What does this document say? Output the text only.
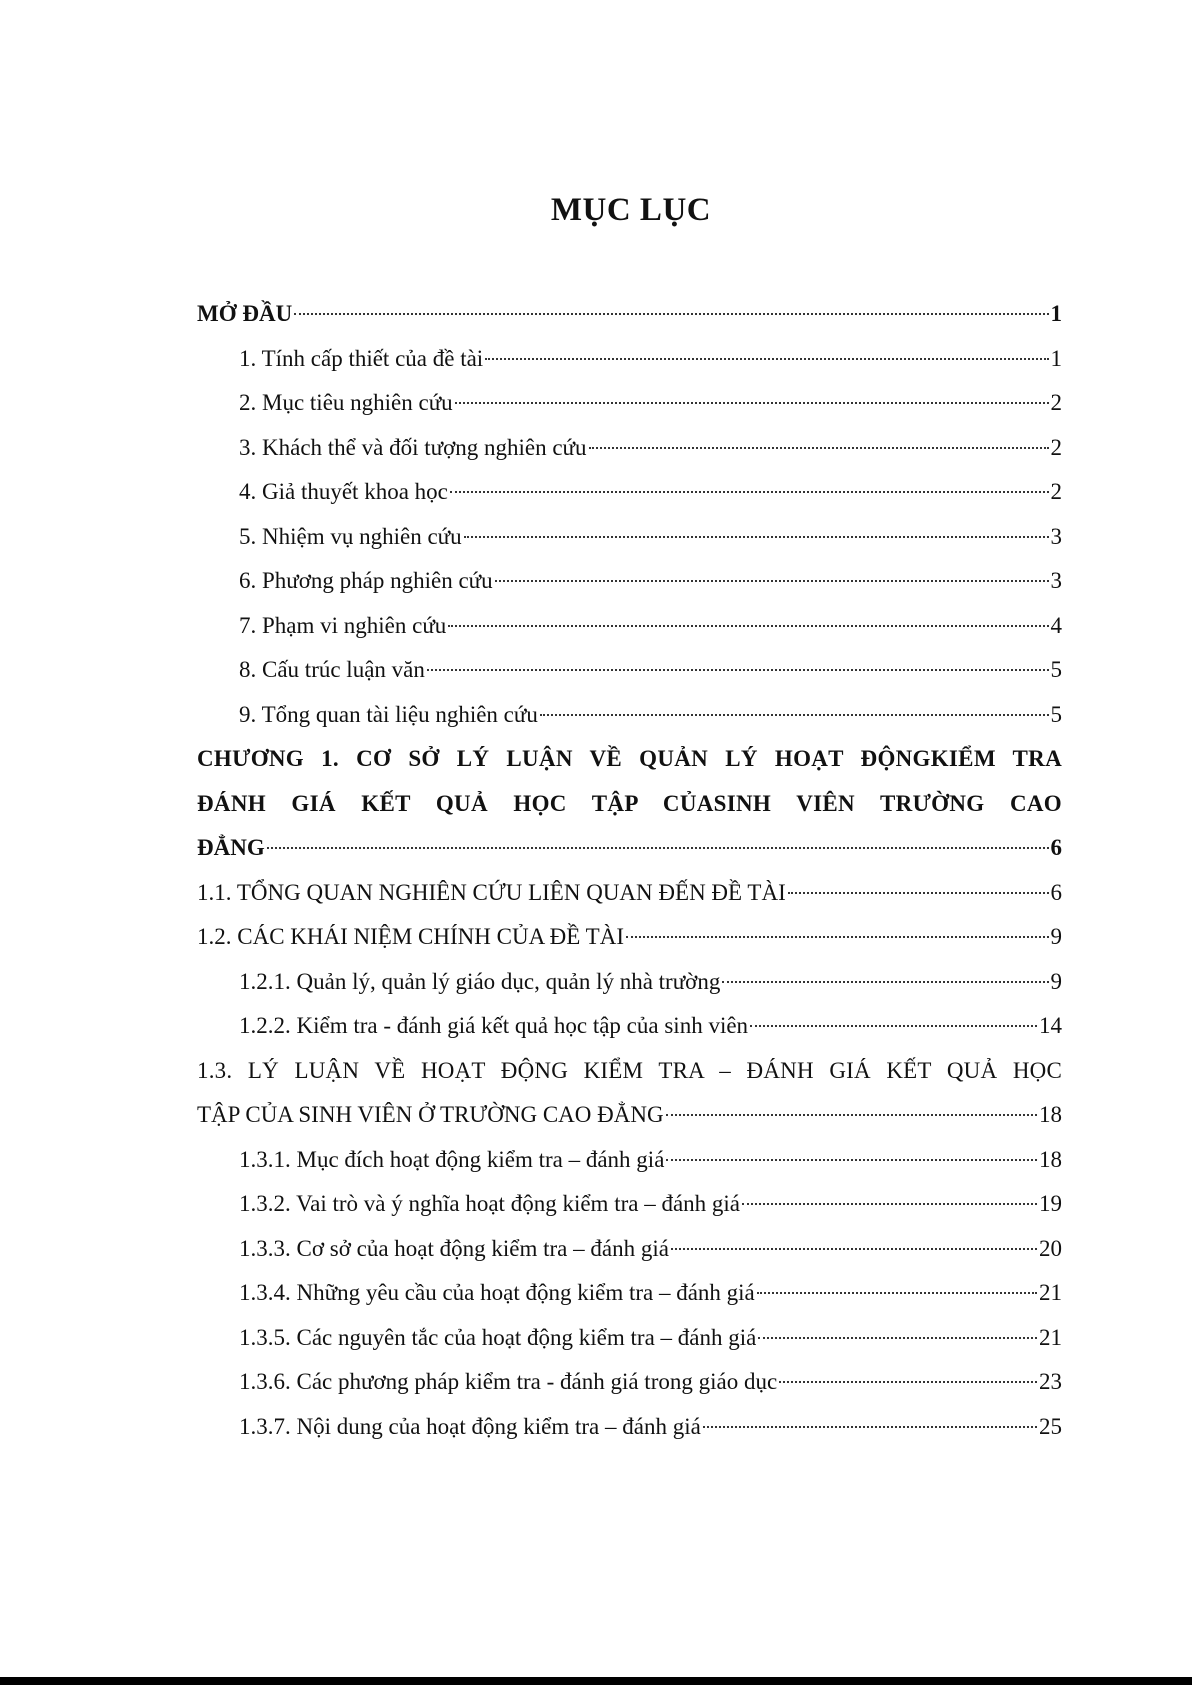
MỤC LỤC
MỞ ĐẦU	1
1. Tính cấp thiết của đề tài	1
2. Mục tiêu nghiên cứu	2
3. Khách thể và đối tượng nghiên cứu	2
4. Giả thuyết khoa học	2
5. Nhiệm vụ nghiên cứu	3
6. Phương pháp nghiên cứu	3
7. Phạm vi nghiên cứu	4
8. Cấu trúc luận văn	5
9. Tổng quan tài liệu nghiên cứu	5
CHƯƠNG 1. CƠ SỞ LÝ LUẬN VỀ QUẢN LÝ HOẠT ĐỘNGKIỂM TRA
ĐÁNH GIÁ KẾT QUẢ HỌC TẬP CỦASINH VIÊN TRƯỜNG CAO
ĐẲNG	6
1.1. TỔNG QUAN NGHIÊN CỨU LIÊN QUAN ĐẾN ĐỀ TÀI	6
1.2. CÁC KHÁI NIỆM CHÍNH CỦA ĐỀ TÀI	9
1.2.1. Quản lý, quản lý giáo dục, quản lý nhà trường	9
1.2.2. Kiểm tra - đánh giá kết quả học tập của sinh viên	14
1.3. LÝ LUẬN VỀ HOẠT ĐỘNG KIỂM TRA – ĐÁNH GIÁ KẾT QUẢ HỌC
TẬP CỦA SINH VIÊN Ở TRƯỜNG CAO ĐẲNG	18
1.3.1. Mục đích hoạt động kiểm tra – đánh giá	18
1.3.2. Vai trò và ý nghĩa hoạt động kiểm tra – đánh giá	19
1.3.3. Cơ sở của hoạt động kiểm tra – đánh giá	20
1.3.4. Những yêu cầu của hoạt động kiểm tra – đánh giá	21
1.3.5. Các nguyên tắc của hoạt động kiểm tra – đánh giá	21
1.3.6. Các phương pháp kiểm tra - đánh giá trong giáo dục	23
1.3.7. Nội dung của hoạt động kiểm tra – đánh giá	25
